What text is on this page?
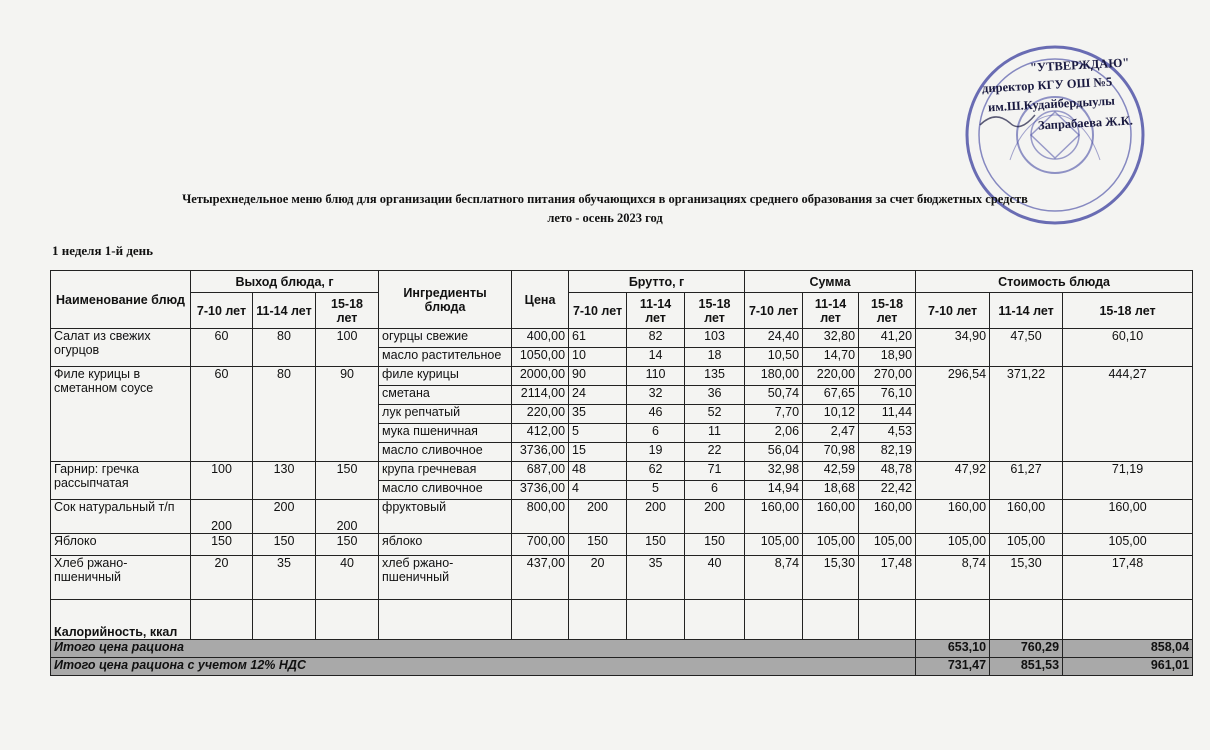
"УТВЕРЖДАЮ"
директор КГУ ОШ №5
им.Ш.Кудайбердыулы
Запрабаева Ж.К.
Четырехнедельное меню блюд для организации бесплатного питания обучающихся в организациях среднего образования за счет бюджетных средств
лето - осень 2023 год
1 неделя 1-й день
Наименование блюд	Выход блюда, г			Ингредиенты блюда	Цена	Брутто, г			Сумма			Стоимость блюда		
	7-10 лет	11-14 лет	15-18 лет			7-10 лет	11-14 лет	15-18 лет	7-10 лет	11-14 лет	15-18 лет	7-10 лет	11-14 лет	15-18 лет
Салат из свежих огурцов	60	80	100	огурцы свежие	400,00	61	82	103	24,40	32,80	41,20	34,90	47,50	60,10
				масло растительное	1050,00	10	14	18	10,50	14,70	18,90			
Филе курицы в сметанном соусе	60	80	90	филе курицы	2000,00	90	110	135	180,00	220,00	270,00	296,54	371,22	444,27
				сметана	2114,00	24	32	36	50,74	67,65	76,10			
				лук репчатый	220,00	35	46	52	7,70	10,12	11,44			
				мука пшеничная	412,00	5	6	11	2,06	2,47	4,53			
				масло сливочное	3736,00	15	19	22	56,04	70,98	82,19			
Гарнир: гречка рассыпчатая	100	130	150	крупа гречневая	687,00	48	62	71	32,98	42,59	48,78	47,92	61,27	71,19
				масло сливочное	3736,00	4	5	6	14,94	18,68	22,42			
Сок натуральный т/п	200	200	200	фруктовый	800,00	200	200	200	160,00	160,00	160,00	160,00	160,00	160,00
Яблоко	150	150	150	яблоко	700,00	150	150	150	105,00	105,00	105,00	105,00	105,00	105,00
Хлеб ржано-пшеничный	20	35	40	хлеб ржано-пшеничный	437,00	20	35	40	8,74	15,30	17,48	8,74	15,30	17,48
Калорийность, ккал														
Итого цена рациона												653,10	760,29	858,04
Итого цена рациона с учетом 12% НДС												731,47	851,53	961,01
